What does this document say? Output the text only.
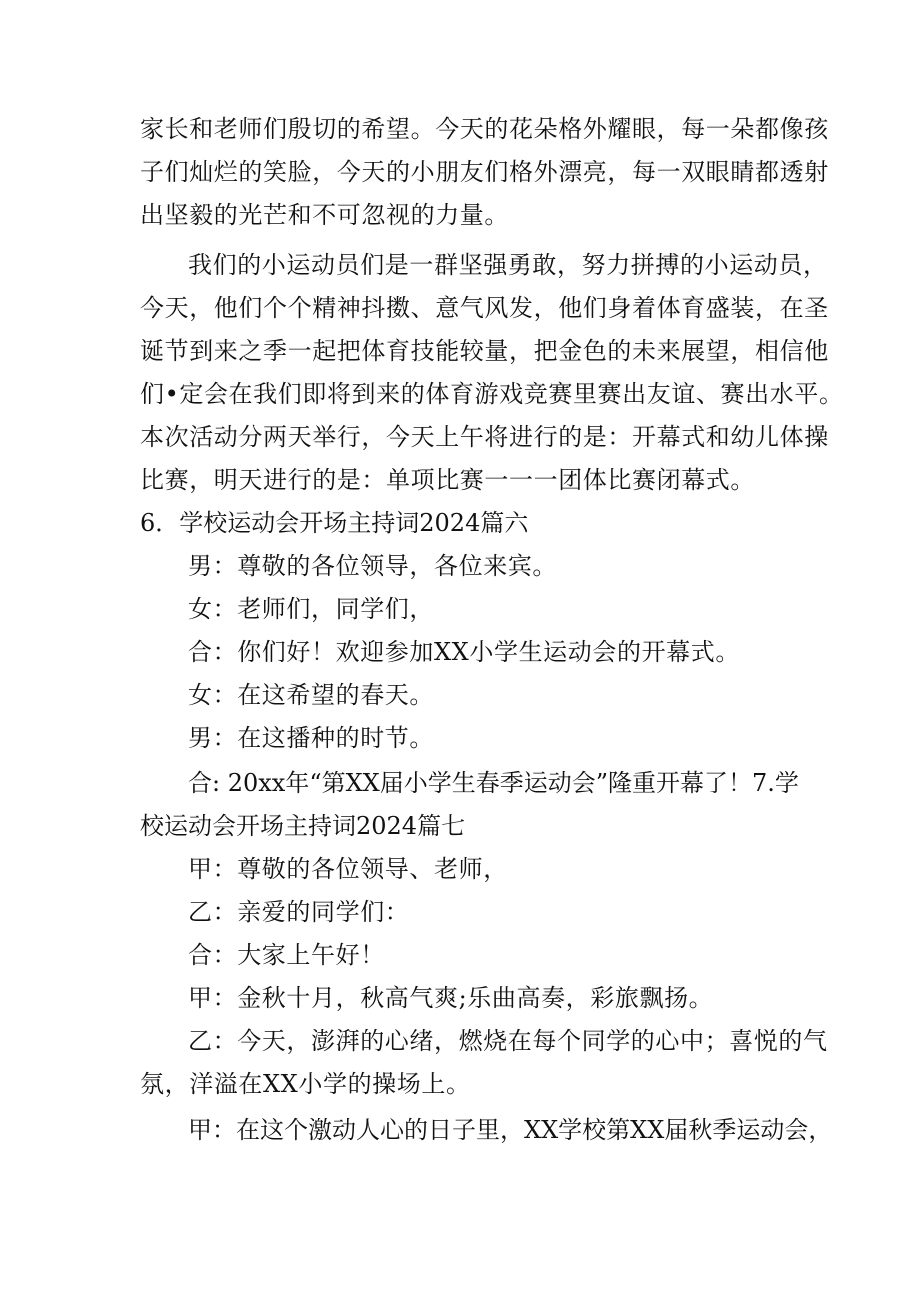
家长和老师们殷切的希望。今天的花朵格外耀眼，每一朵都像孩
子们灿烂的笑脸，今天的小朋友们格外漂亮，每一双眼睛都透射
出坚毅的光芒和不可忽视的力量。
我们的小运动员们是一群坚强勇敢，努力拼搏的小运动员，
今天，他们个个精神抖擞、意气风发，他们身着体育盛装，在圣
诞节到来之季一起把体育技能较量，把金色的未来展望，相信他
们•定会在我们即将到来的体育游戏竞赛里赛出友谊、赛出水平。
本次活动分两天举行，今天上午将进行的是：开幕式和幼儿体操
比赛，明天进行的是：单项比赛一一一团体比赛闭幕式。
6．学校运动会开场主持词2024篇六
男：尊敬的各位领导，各位来宾。
女：老师们，同学们，
合：你们好！欢迎参加XX小学生运动会的开幕式。
女：在这希望的春天。
男：在这播种的时节。
合: 20xx年“第XX届小学生春季运动会”隆重开幕了！7.学
校运动会开场主持词2024篇七
甲：尊敬的各位领导、老师，
乙：亲爱的同学们：
合：大家上午好！
甲：金秋十月，秋高气爽;乐曲高奏，彩旅飘扬。
乙：今天，澎湃的心绪，燃烧在每个同学的心中；喜悦的气
氛，洋溢在XX小学的操场上。
甲：在这个激动人心的日子里，XX学校第XX届秋季运动会，
